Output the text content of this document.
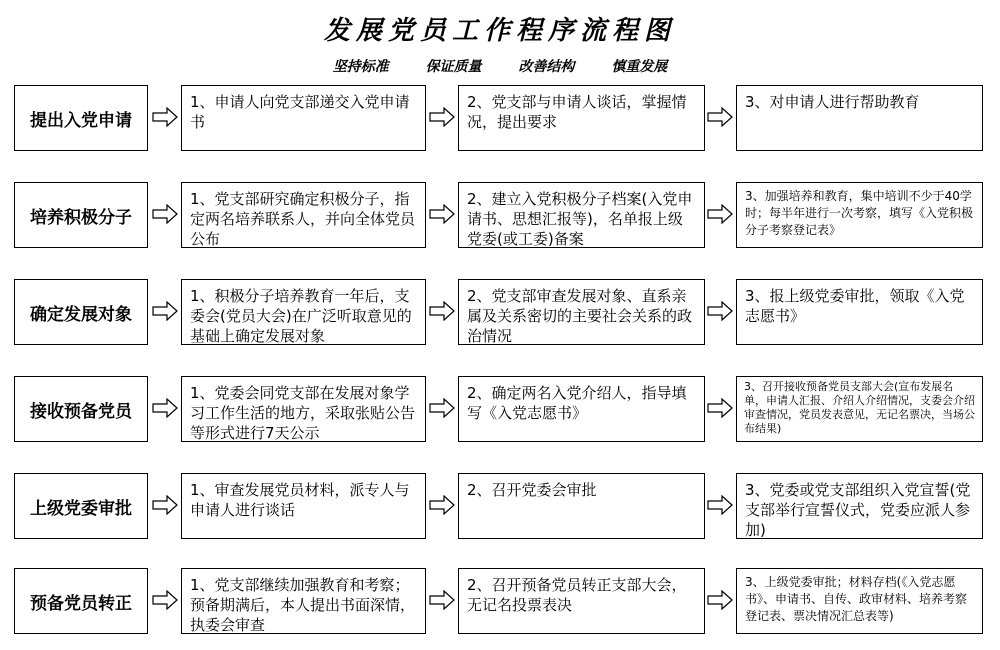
发展党员工作程序流程图
坚持标准	保证质量	改善结构	慎重发展
提出入党申请
1、申请人向党支部递交入党申请书
2、党支部与申请人谈话，掌握情况，提出要求
3、对申请人进行帮助教育
培养积极分子
1、党支部研究确定积极分子，指定两名培养联系人，并向全体党员公布
2、建立入党积极分子档案(入党申请书、思想汇报等)，名单报上级党委(或工委)备案
3、加强培养和教育，集中培训不少于40学时；每半年进行一次考察，填写《入党积极分子考察登记表》
确定发展对象
1、积极分子培养教育一年后，支委会(党员大会)在广泛听取意见的基础上确定发展对象
2、党支部审查发展对象、直系亲属及关系密切的主要社会关系的政治情况
3、报上级党委审批，领取《入党志愿书》
接收预备党员
1、党委会同党支部在发展对象学习工作生活的地方，采取张贴公告等形式进行7天公示
2、确定两名入党介绍人，指导填写《入党志愿书》
3、召开接收预备党员支部大会(宣布发展名单，申请人汇报、介绍人介绍情况，支委会介绍审查情况，党员发表意见，无记名票决，当场公布结果)
上级党委审批
1、审查发展党员材料，派专人与申请人进行谈话
2、召开党委会审批	3、党委或党支部组织入党宣誓(党支部举行宣誓仪式，党委应派人参加)
预备党员转正
1、党支部继续加强教育和考察；预备期满后，本人提出书面深情，执委会审查
2、召开预备党员转正支部大会，无记名投票表决
3、上级党委审批；材料存档(《入党志愿书》、申请书、自传、政审材料、培养考察登记表、票决情况汇总表等)
